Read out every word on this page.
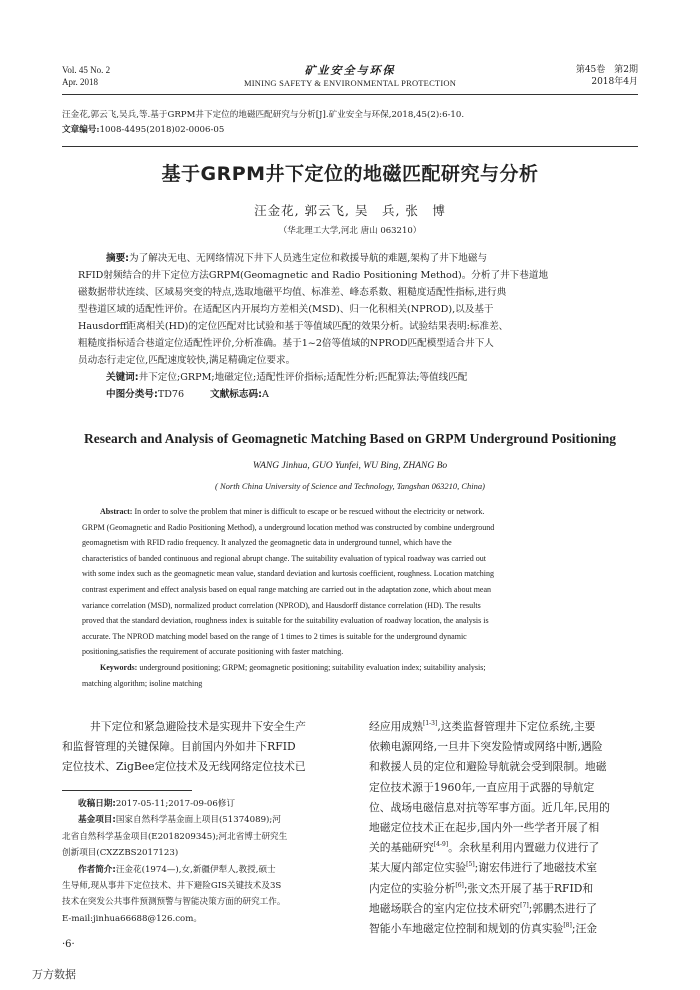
Vol. 45 No. 2
Apr. 2018
矿业安全与环保
MINING SAFETY & ENVIRONMENTAL PROTECTION
第45卷　第2期
2018年4月
汪金花,郭云飞,吴兵,等.基于GRPM井下定位的地磁匹配研究与分析[J].矿业安全与环保,2018,45(2):6-10.
文章编号:1008-4495(2018)02-0006-05
基于GRPM井下定位的地磁匹配研究与分析
汪金花, 郭云飞, 吴　兵, 张　博
（华北理工大学,河北 唐山 063210）

摘要:为了解决无电、无网络情况下井下人员逃生定位和救援导航的难题,架构了井下地磁与

RFID射频结合的井下定位方法GRPM(Geomagnetic and Radio Positioning Method)。分析了井下巷道地

磁数据带状连续、区域易突变的特点,选取地磁平均值、标准差、峰态系数、粗糙度适配性指标,进行典

型巷道区域的适配性评价。在适配区内开展均方差相关(MSD)、归一化积相关(NPROD),以及基于

Hausdorff距离相关(HD)的定位匹配对比试验和基于等值域匹配的效果分析。试验结果表明:标准差、

粗糙度指标适合巷道定位适配性评价,分析准确。基于1~2倍等值域的NPROD匹配模型适合井下人

员动态行走定位,匹配速度较快,满足精确定位要求。

关键词:井下定位;GRPM;地磁定位;适配性评价指标;适配性分析;匹配算法;等值线匹配

中图分类号:TD76	文献标志码:A

Research and Analysis of Geomagnetic Matching Based on GRPM Underground Positioning
WANG Jinhua, GUO Yunfei, WU Bing, ZHANG Bo
( North China University of Science and Technology, Tangshan 063210, China)

Abstract: In order to solve the problem that miner is difficult to escape or be rescued without the electricity or network.

GRPM (Geomagnetic and Radio Positioning Method), a underground location method was constructed by combine underground

geomagnetism with RFID radio frequency. It analyzed the geomagnetic data in underground tunnel, which have the

characteristics of banded continuous and regional abrupt change. The suitability evaluation of typical roadway was carried out

with some index such as the geomagnetic mean value, standard deviation and kurtosis coefficient, roughness. Location matching

contrast experiment and effect analysis based on equal range matching are carried out in the adaptation zone, which about mean

variance correlation (MSD), normalized product correlation (NPROD), and Hausdorff distance correlation (HD). The results

proved that the standard deviation, roughness index is suitable for the suitability evaluation of roadway location, the analysis is

accurate. The NPROD matching model based on the range of 1 times to 2 times is suitable for the underground dynamic

positioning,satisfies the requirement of accurate positioning with faster matching.

Keywords: underground positioning; GRPM; geomagnetic positioning; suitability evaluation index; suitability analysis;

matching algorithm; isoline matching

井下定位和紧急避险技术是实现井下安全生产

和监督管理的关键保障。目前国内外如井下RFID

定位技术、ZigBee定位技术及无线网络定位技术已

收稿日期:2017-05-11;2017-09-06修订

基金项目:国家自然科学基金面上项目(51374089);河

北省自然科学基金项目(E2018209345);河北省博士研究生

创新项目(CXZZBS2017123)

作者简介:汪金花(1974—),女,新疆伊犁人,教授,硕士

生导师,现从事井下定位技术、井下避险GIS关键技术及3S

技术在突发公共事件预测预警与智能决策方面的研究工作。

E-mail:jinhua66688@126.com。

经应用成熟[1-3],这类监督管理井下定位系统,主要

依赖电源网络,一旦井下突发险情或网络中断,遇险

和救援人员的定位和避险导航就会受到限制。地磁

定位技术源于1960年,一直应用于武器的导航定

位、战场电磁信息对抗等军事方面。近几年,民用的

地磁定位技术正在起步,国内外一些学者开展了相

关的基础研究[4-9]。余秋星利用内置磁力仪进行了

某大厦内部定位实验[5];谢宏伟进行了地磁技术室

内定位的实验分析[6];张文杰开展了基于RFID和

地磁场联合的室内定位技术研究[7];郭鹏杰进行了

智能小车地磁定位控制和规划的仿真实验[8];汪金

·6·
万方数据
